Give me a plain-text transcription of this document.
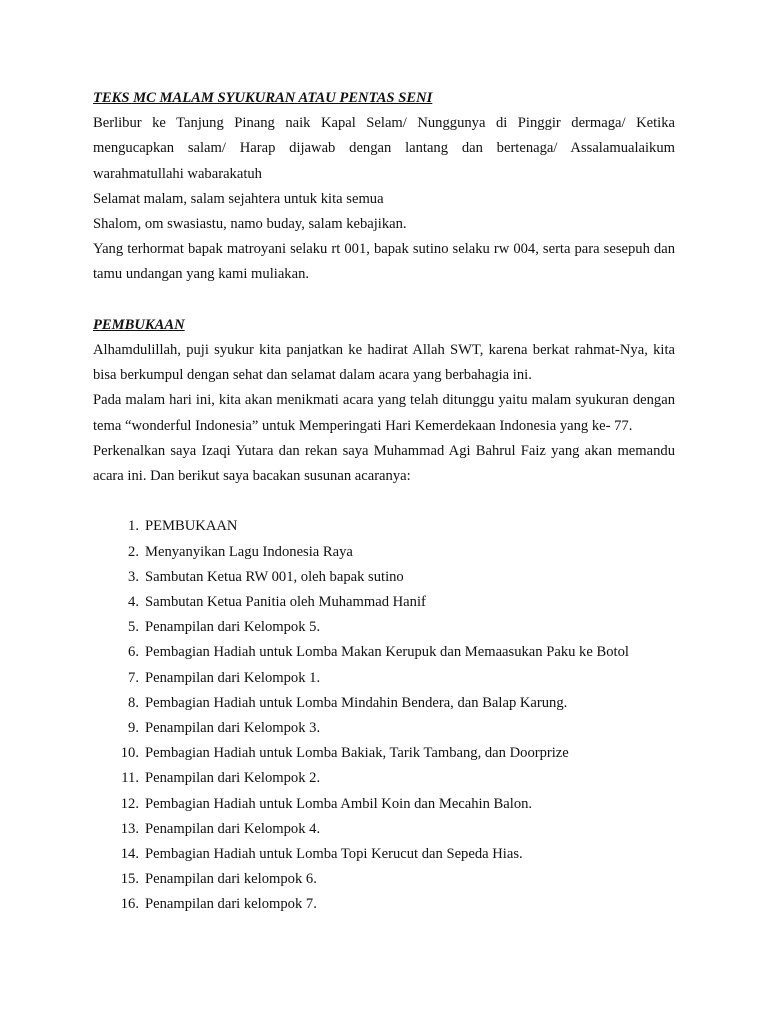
TEKS MC MALAM SYUKURAN ATAU PENTAS SENI

Berlibur ke Tanjung Pinang naik Kapal Selam/ Nunggunya di Pinggir dermaga/ Ketika mengucapkan salam/ Harap dijawab dengan lantang dan bertenaga/ Assalamualaikum warahmatullahi wabarakatuh

Selamat malam, salam sejahtera untuk kita semua

Shalom, om swasiastu, namo buday, salam kebajikan.

Yang terhormat bapak matroyani selaku rt 001, bapak sutino selaku rw 004, serta para sesepuh dan tamu undangan yang kami muliakan.

PEMBUKAAN

Alhamdulillah, puji syukur kita panjatkan ke hadirat Allah SWT, karena berkat rahmat-Nya, kita bisa berkumpul dengan sehat dan selamat dalam acara yang berbahagia ini.

Pada malam hari ini, kita akan menikmati acara yang telah ditunggu yaitu malam syukuran dengan tema “wonderful Indonesia” untuk Memperingati Hari Kemerdekaan Indonesia yang ke- 77.

Perkenalkan saya Izaqi Yutara dan rekan saya Muhammad Agi Bahrul Faiz yang akan memandu acara ini. Dan berikut saya bacakan susunan acaranya:

1. PEMBUKAAN
2. Menyanyikan Lagu Indonesia Raya
3. Sambutan Ketua RW 001, oleh bapak sutino
4. Sambutan Ketua Panitia oleh Muhammad Hanif
5. Penampilan dari Kelompok 5.
6. Pembagian Hadiah untuk Lomba Makan Kerupuk dan Memaasukan Paku ke Botol
7. Penampilan dari Kelompok 1.
8. Pembagian Hadiah untuk Lomba Mindahin Bendera, dan Balap Karung.
9. Penampilan dari Kelompok 3.
10. Pembagian Hadiah untuk Lomba Bakiak, Tarik Tambang, dan Doorprize
11. Penampilan dari Kelompok 2.
12. Pembagian Hadiah untuk Lomba Ambil Koin dan Mecahin Balon.
13. Penampilan dari Kelompok 4.
14. Pembagian Hadiah untuk Lomba Topi Kerucut dan Sepeda Hias.
15. Penampilan dari kelompok 6.
16. Penampilan dari kelompok 7.
